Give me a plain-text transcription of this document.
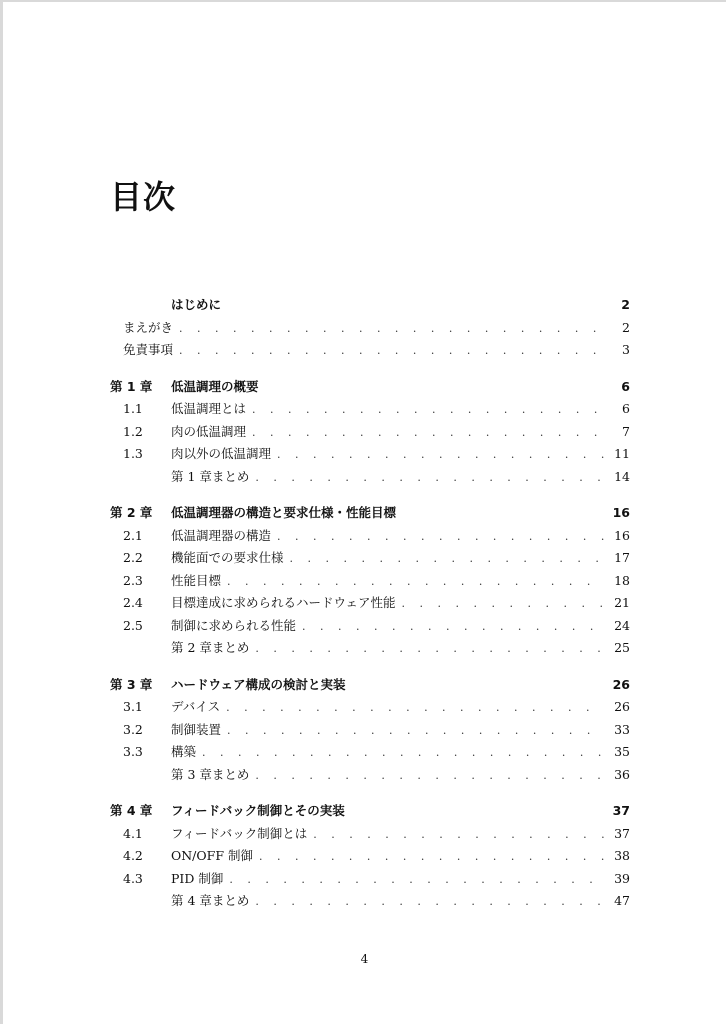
目次
はじめに	2
まえがき . . .	2
免責事項 . . .	3
第 1 章	低温調理の概要	6
1.1	低温調理とは . . .	6
1.2	肉の低温調理 . . .	7
1.3	肉以外の低温調理 . . .	11
第 1 章まとめ . . .	14
第 2 章	低温調理器の構造と要求仕様・性能目標	16
2.1	低温調理器の構造 . . .	16
2.2	機能面での要求仕様 . . .	17
2.3	性能目標 . . .	18
2.4	目標達成に求められるハードウェア性能 . . .	21
2.5	制御に求められる性能 . . .	24
第 2 章まとめ . . .	25
第 3 章	ハードウェア構成の検討と実装	26
3.1	デバイス . . .	26
3.2	制御装置 . . .	33
3.3	構築 . . .	35
第 3 章まとめ . . .	36
第 4 章	フィードバック制御とその実装	37
4.1	フィードバック制御とは . . .	37
4.2	ON/OFF 制御 . . .	38
4.3	PID 制御 . . .	39
第 4 章まとめ . . .	47
4
